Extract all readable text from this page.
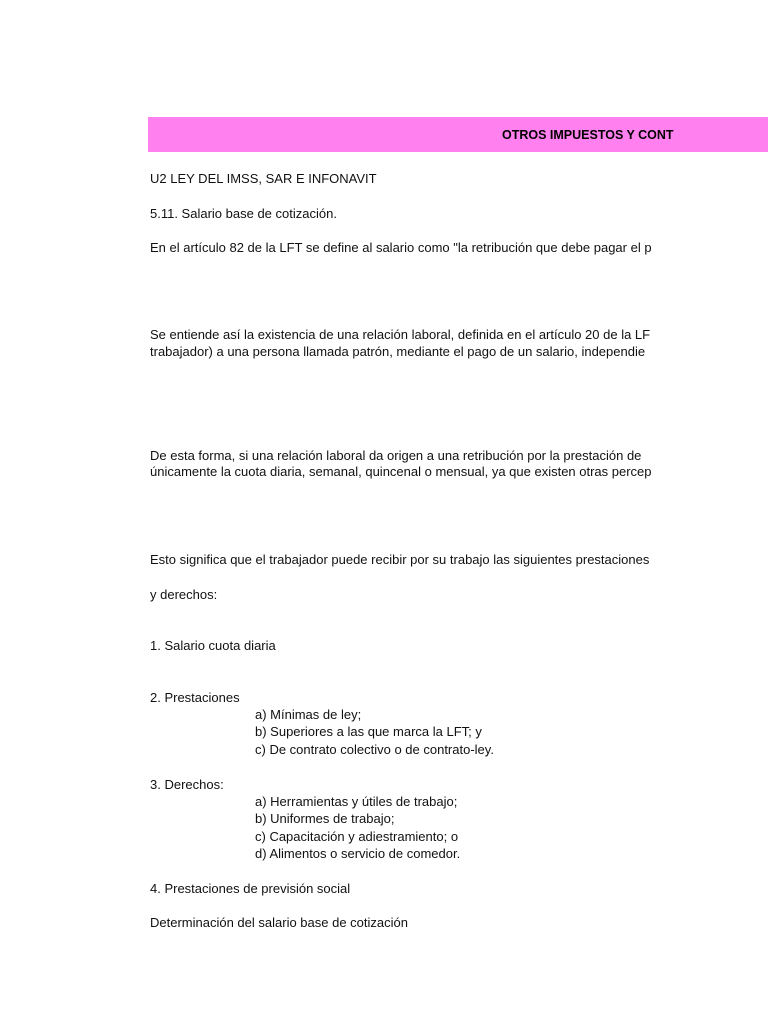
OTROS IMPUESTOS Y CONT
U2 LEY DEL IMSS, SAR E INFONAVIT
5.11. Salario base de cotización.
En el artículo 82 de la LFT se define al salario como "la retribución que debe pagar el p
Se entiende así la existencia de una relación laboral, definida en el artículo 20 de la LF
trabajador) a una persona llamada patrón, mediante el pago de un salario, independie
De esta forma, si una relación laboral da origen a una retribución por la prestación de
únicamente la cuota diaria, semanal, quincenal o mensual, ya que existen otras percep
Esto significa que el trabajador puede recibir por su trabajo las siguientes prestaciones
y derechos:
1. Salario cuota diaria
2. Prestaciones
a) Mínimas de ley;
b) Superiores a las que marca la LFT; y
c) De contrato colectivo o de contrato-ley.
3. Derechos:
a) Herramientas y útiles de trabajo;
b) Uniformes de trabajo;
c) Capacitación y adiestramiento; o
d) Alimentos o servicio de comedor.
4. Prestaciones de previsión social
Determinación del salario base de cotización
